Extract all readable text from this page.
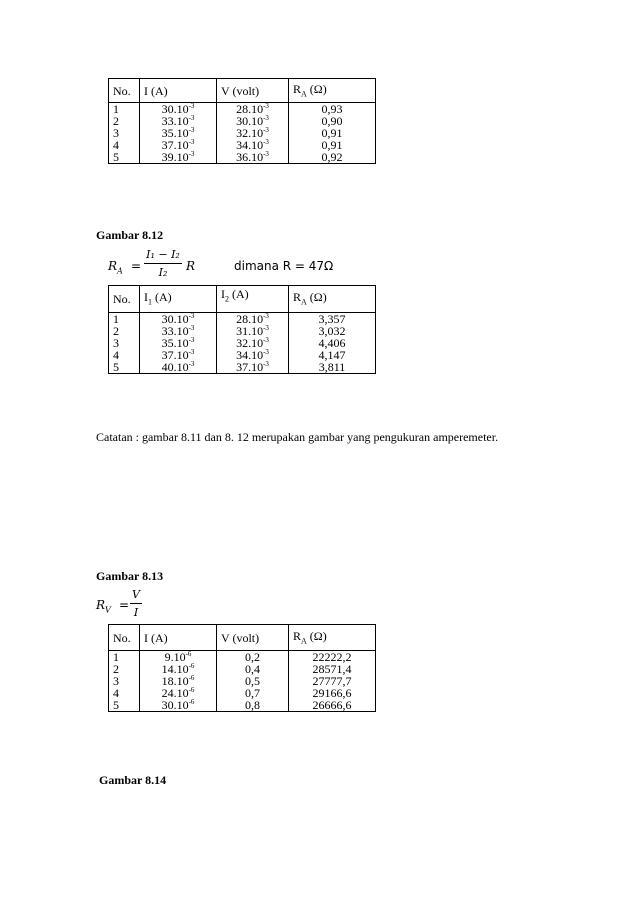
No.	I (A)	V (volt)	$R_A$ (Ω)
1	$30.10^{-3}$	$28.10^{-3}$	0,93
2	$33.10^{-3}$	$30.10^{-3}$	0,90
3	$35.10^{-3}$	$32.10^{-3}$	0,91
4	$37.10^{-3}$	$34.10^{-3}$	0,91
5	$39.10^{-3}$	$36.10^{-3}$	0,92
Gambar 8.12
$R_A$ =
I₁ − I₂
I₂ R	dimana R = 47Ω
No.	$I_1$ (A)	$I_2$ (A)	$R_A$ (Ω)
1	$30.10^{-3}$	$28.10^{-3}$	3,357
2	$33.10^{-3}$	$31.10^{-3}$	3,032
3	$35.10^{-3}$	$32.10^{-3}$	4,406
4	$37.10^{-3}$	$34.10^{-3}$	4,147
5	$40.10^{-3}$	$37.10^{-3}$	3,811
Catatan : gambar 8.11 dan 8. 12 merupakan gambar yang pengukuran amperemeter.
Gambar 8.13
$R_V$ =
V
I
No.	I (A)	V (volt)	$R_A$ (Ω)
1	$9.10^{-6}$	0,2	22222,2
2	$14.10^{-6}$	0,4	28571,4
3	$18.10^{-6}$	0,5	27777,7
4	$24.10^{-6}$	0,7	29166,6
5	$30.10^{-6}$	0,8	26666,6
Gambar 8.14
